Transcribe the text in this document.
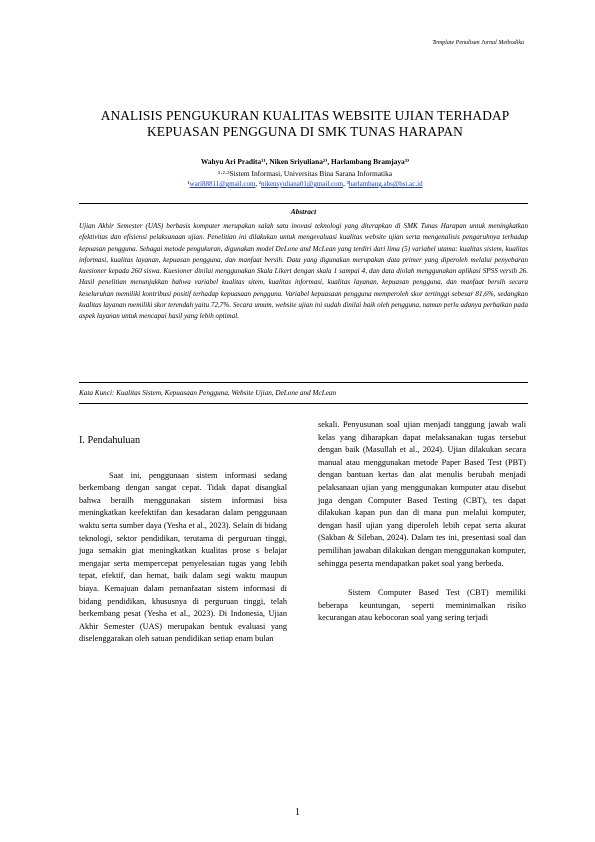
Template Penulisan Jurnal Methodika
ANALISIS PENGUKURAN KUALITAS WEBSITE UJIAN TERHADAP KEPUASAN PENGGUNA DI SMK TUNAS HARAPAN
Wahyu Ari Pradita¹⁾, Niken Sriyuliana²⁾, Harlambang Bramjaya³⁾
¹·²·³Sistem Informasi, Universitas Bina Sarana Informatika
¹wari88811@gmail.com, ²nikensyuliana01@gmail.com, ³harlambang.abs@bsi.ac.id
Abstract

Ujian Akhir Semester (UAS) berbasis komputer merupakan salah satu inovasi teknologi yang diterapkan di SMK Tunas Harapan untuk meningkatkan efektivitas dan efisiensi pelaksanaan ujian. Penelitian ini dilakukan untuk mengevaluasi kualitas website ujian serta mengenalisis pengaruhnya terhadap kepuasan pengguna. Sebagai metode pengukuran, digunakan model DeLone and McLean yang terdiri dari lima (5) variabel utama: kualitas sistem, kualitas informasi, kualitas layanan, kepuasan pengguna, dan manfaat bersih. Data yang digunakan merupakan data primer yang diperoleh melalui penyebaran kuesioner kepada 260 siswa. Kuesioner dinilai menggunakan Skala Likert dengan skala 1 sampai 4, dan data diolah menggunakan aplikasi SPSS versih 26. Hasil penelitian menunjukkan bahwa variabel kualitas sitem, kualitas informasi, kualitas layanan, kepuasan pengguna, dan manfaat bersih secara keseluruhan memiliki kontribusi positif terhadap kepuasaan pengguna. Variabel kepuasaan pengguna memperoleh skor tertinggi sebesar 81,6%, sedangkan kualitas layanan memiliki skor terendah yaitu 72,7%. Secara umum, website ujian ini sudah dinilai baik oleh pengguna, namun perlu adanya perbaikan pada aspek layanan untuk mencapai hasil yang lebih optimal.

Kata Kunci: Kualitas Sistem, Kepuasaan Pengguna, Website Ujian, DeLone and McLean
I. Pendahuluan

Saat ini, penggunaan sistem informasi sedang berkembang dengan sangat cepat. Tidak dapat disangkal bahwa berailh menggunakan sistem informasi bisa meningkatkan keefektifan dan kesadaran dalam penggunaan waktu serta sumber daya (Yesha et al., 2023). Selain di bidang teknologi, sektor pendidikan, terutama di perguruan tinggi, juga semakin giat meningkatkan kualitas prose s belajar mengajar serta mempercepat penyelesaian tugas yang lebih tepat, efektif, dan hemat, baik dalam segi waktu maupun biaya. Kemajuan dalam pemanfaatan sistem informasi di bidang pendidikan, khususnya di perguruan tinggi, telah berkembang pesat (Yesha et al., 2023). Di Indonesia, Ujian Akhir Semester (UAS) merupakan bentuk evaluasi yang diselenggarakan oleh satuan pendidikan setiap enam bulan

sekali. Penyusunan soal ujian menjadi tanggung jawab wali kelas yang diharapkan dapat melaksanakan tugas tersebut dengan baik (Masullah et al., 2024). Ujian dilakukan secara manual atau menggunakan metode Paper Based Test (PBT) dengan bantuan kertas dan alat menulis berubah menjadi pelaksanaan ujian yang menggunakan komputer atau disebut juga dengan Computer Based Testing (CBT), tes dapat dilakukan kapan pun dan di mana pun melalui komputer, dengan hasil ujian yang diperoleh lebih cepat serta akurat (Sakban & Sileban, 2024). Dalam tes ini, presentasi soal dan pemilihan jawaban dilakukan dengan menggunakan komputer, sehingga peserta mendapatkan paket soal yang berbeda.

Sistem Computer Based Test (CBT) memiliki beberapa keuntungan, seperti meminimalkan risiko kecurangan atau kebocoran soal yang sering terjadi

1
